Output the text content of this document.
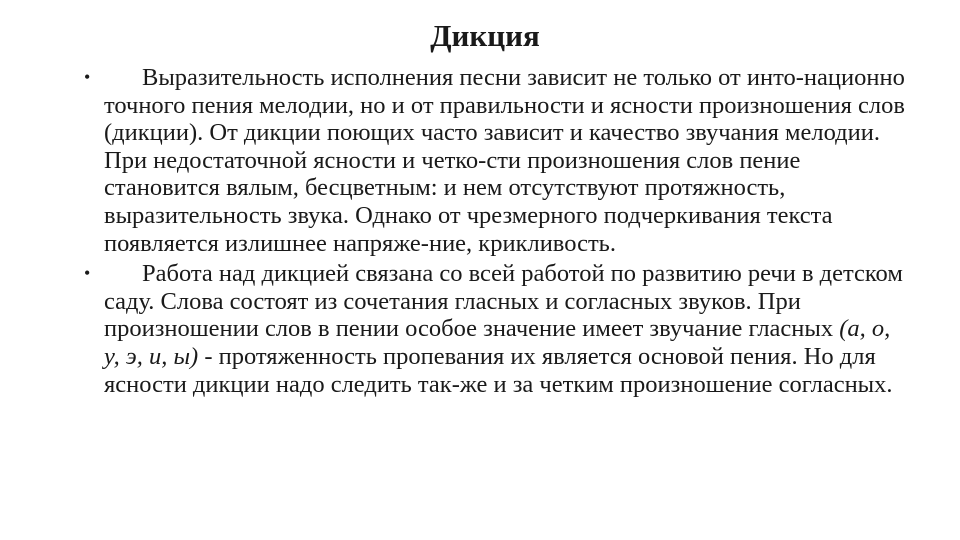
Дикция
•	Выразительность исполнения песни зависит не только от инто-национно точного пения мелодии, но и от правильности и ясности произношения слов (дикции). От дикции поющих часто зависит и качество звучания мелодии. При недостаточной ясности и четко-сти произношения слов пение становится вялым, бесцветным: и нем отсутствуют протяжность, выразительность звука. Однако от чрезмерного подчеркивания текста появляется излишнее напряже-ние, крикливость.
•	Работа над дикцией связана со всей работой по развитию речи в детском саду. Слова состоят из сочетания гласных и согласных звуков. При произношении слов в пении особое значение имеет звучание гласных (а, о, у, э, и, ы) - протяженность пропевания их является основой пения. Но для ясности дикции надо следить так-же и за четким произношение согласных.
